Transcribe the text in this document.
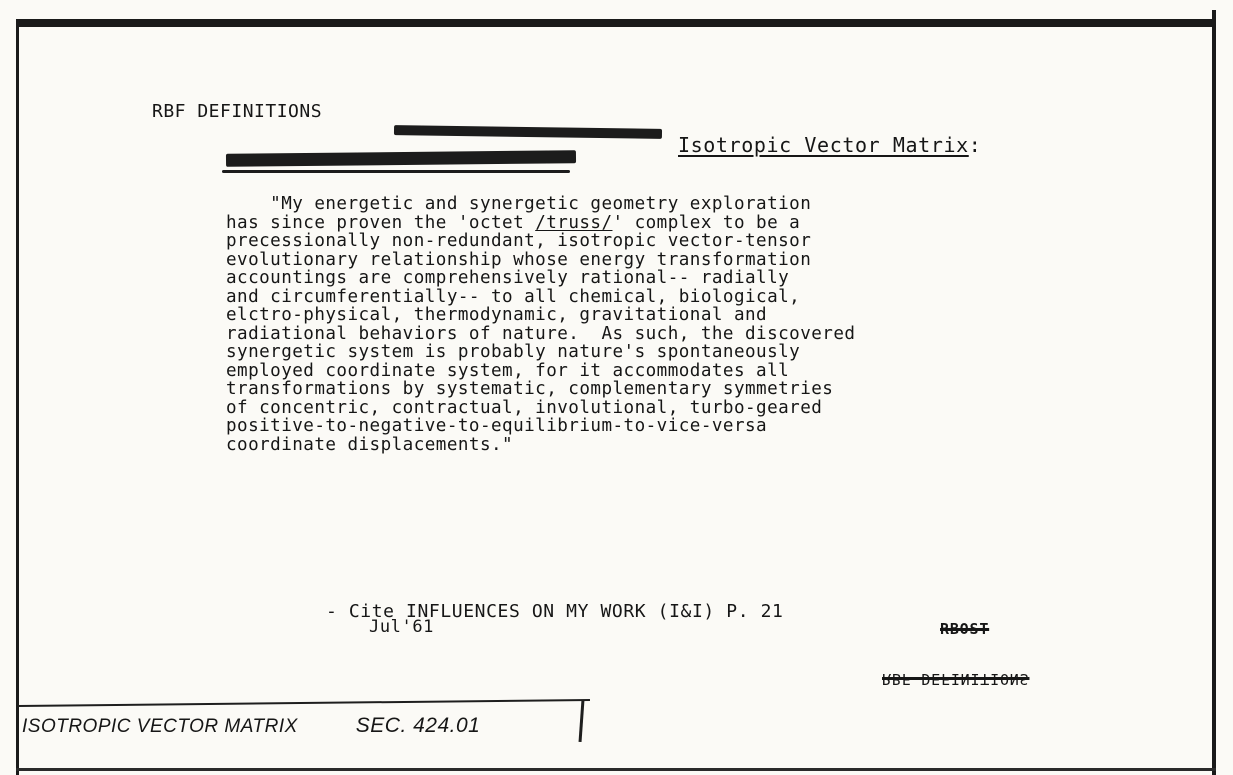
RBF DEFINITIONS
Isotropic Vector Matrix:
"My energetic and synergetic geometry exploration
has since proven the 'octet /truss/' complex to be a
precessionally non-redundant, isotropic vector-tensor
evolutionary relationship whose energy transformation
accountings are comprehensively rational-- radially
and circumferentially-- to all chemical, biological,
elctro-physical, thermodynamic, gravitational and
radiational behaviors of nature.  As such, the discovered
synergetic system is probably nature's spontaneously
employed coordinate system, for it accommodates all
transformations by systematic, complementary symmetries
of concentric, contractual, involutional, turbo-geared
positive-to-negative-to-equilibrium-to-vice-versa
coordinate displacements."
- Cite INFLUENCES ON MY WORK (I&I) P. 21
Jul'61	RBOST
RBF DEFINITIONS
ISOTROPIC VECTOR MATRIX	SEC. 424.01
